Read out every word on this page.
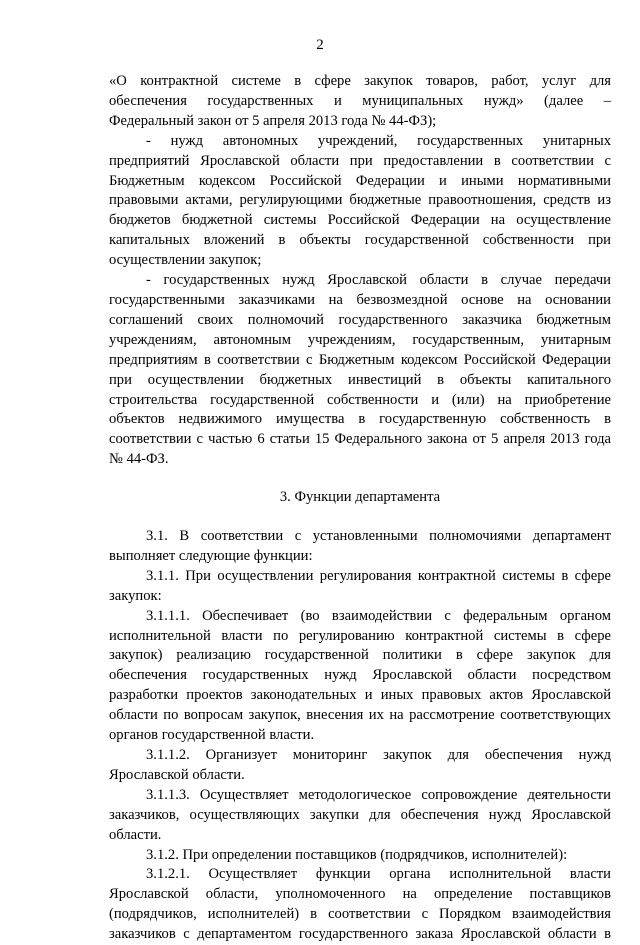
2
«О контрактной системе в сфере закупок товаров, работ, услуг для
обеспечения государственных и муниципальных нужд» (далее –
Федеральный закон от 5 апреля 2013 года № 44-ФЗ);
- нужд автономных учреждений, государственных унитарных
предприятий Ярославской области при предоставлении в соответствии с
Бюджетным кодексом Российской Федерации и иными нормативными
правовыми актами, регулирующими бюджетные правоотношения, средств из
бюджетов бюджетной системы Российской Федерации на осуществление
капитальных вложений в объекты государственной собственности при
осуществлении закупок;
- государственных нужд Ярославской области в случае передачи
государственными заказчиками на безвозмездной основе на основании
соглашений своих полномочий государственного заказчика бюджетным
учреждениям, автономным учреждениям, государственным, унитарным
предприятиям в соответствии с Бюджетным кодексом Российской Федерации
при осуществлении бюджетных инвестиций в объекты капитального
строительства государственной собственности и (или) на приобретение
объектов недвижимого имущества в государственную собственность в
соответствии с частью 6 статьи 15 Федерального закона от 5 апреля 2013 года
№ 44-ФЗ.
3. Функции департамента
3.1. В соответствии с установленными полномочиями департамент
выполняет следующие функции:
3.1.1. При осуществлении регулирования контрактной системы в сфере
закупок:
3.1.1.1. Обеспечивает (во взаимодействии с федеральным органом
исполнительной власти по регулированию контрактной системы в сфере
закупок) реализацию государственной политики в сфере закупок для
обеспечения государственных нужд Ярославской области посредством
разработки проектов законодательных и иных правовых актов Ярославской
области по вопросам закупок, внесения их на рассмотрение соответствующих
органов государственной власти.
3.1.1.2. Организует мониторинг закупок для обеспечения нужд
Ярославской области.
3.1.1.3. Осуществляет методологическое сопровождение деятельности
заказчиков, осуществляющих закупки для обеспечения нужд Ярославской
области.
3.1.2. При определении поставщиков (подрядчиков, исполнителей):
3.1.2.1. Осуществляет функции органа исполнительной власти
Ярославской области, уполномоченного на определение поставщиков
(подрядчиков, исполнителей) в соответствии с Порядком взаимодействия
заказчиков с департаментом государственного заказа Ярославской области в
